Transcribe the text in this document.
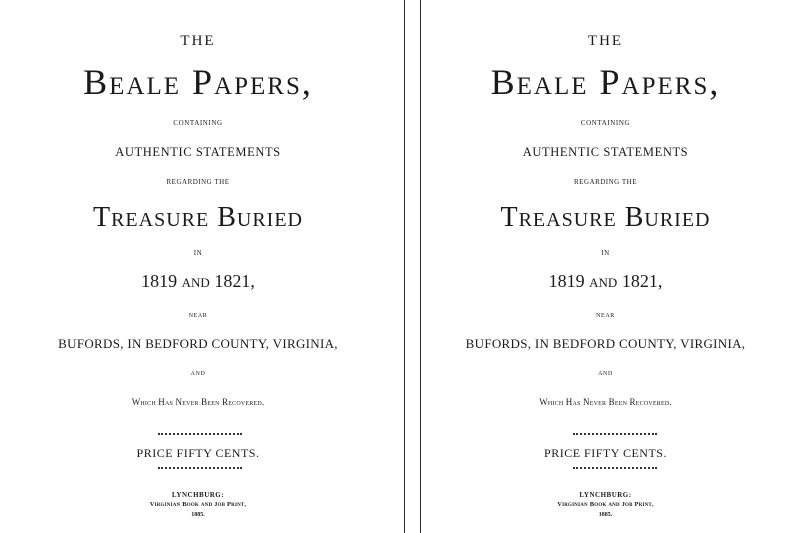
THE
Beale Papers,
CONTAINING
AUTHENTIC STATEMENTS
REGARDING THE
Treasure Buried
IN
1819 and 1821,
NEAR
BUFORDS, IN BEDFORD COUNTY, VIRGINIA,
AND
Which Has Never Been Recovered.
PRICE FIFTY CENTS.
LYNCHBURG:
Virginian Book and Job Print,
1885.
THE
Beale Papers,
CONTAINING
AUTHENTIC STATEMENTS
REGARDING THE
Treasure Buried
IN
1819 and 1821,
NEAR
BUFORDS, IN BEDFORD COUNTY, VIRGINIA,
AND
Which Has Never Been Recovered.
PRICE FIFTY CENTS.
LYNCHBURG:
Virginian Book and Job Print,
1885.
